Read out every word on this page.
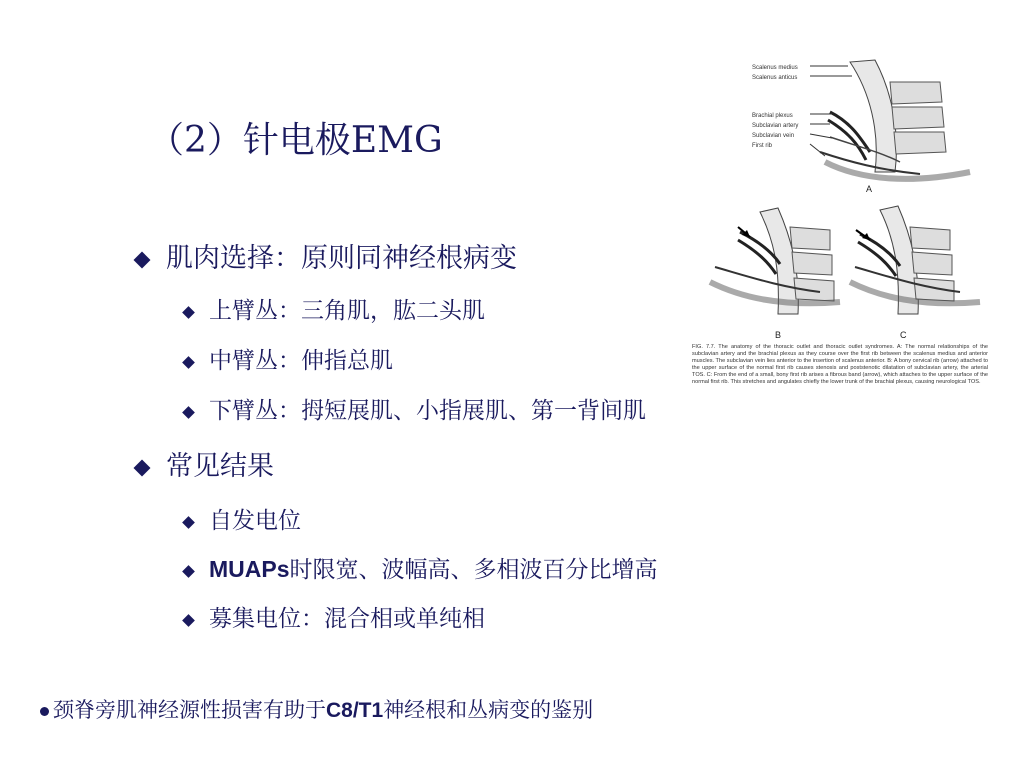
（2）针电极EMG
Scalenus medius
Scalenus anticus
Brachial plexus
Subclavian artery
Subclavian vein
First rib
A
B	C
FIG. 7.7. The anatomy of the thoracic outlet and thoracic outlet syndromes. A: The normal relationships of the subclavian artery and the brachial plexus as they course over the first rib between the scalenus medius and anterior muscles. The subclavian vein lies anterior to the insertion of scalenus anterior. B: A bony cervical rib (arrow) attached to the upper surface of the normal first rib causes stenosis and poststenotic dilatation of subclavian artery, the arterial TOS. C: From the end of a small, bony first rib arises a fibrous band (arrow), which attaches to the upper surface of the normal first rib. This stretches and angulates chiefly the lower trunk of the brachial plexus, causing neurological TOS.
肌肉选择：原则同神经根病变
上臂丛：三角肌，肱二头肌
中臂丛：伸指总肌
下臂丛：拇短展肌、小指展肌、第一背间肌
常见结果
自发电位
MUAPs时限宽、波幅高、多相波百分比增高
募集电位：混合相或单纯相
颈脊旁肌神经源性损害有助于C8/T1神经根和丛病变的鉴别
